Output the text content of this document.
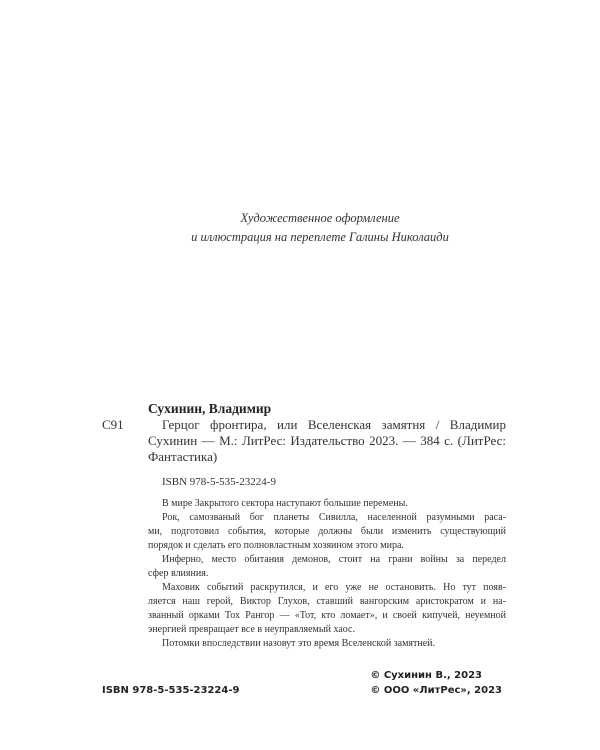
Художественное оформление
и иллюстрация на переплете Галины Николаиди
Сухинин, Владимир
С91	Герцог фронтира, или Вселенская замятня / Владимир
Сухинин — М.: ЛитРес: Издательство 2023. — 384 с. (ЛитРес:
Фантастика)
ISBN 978-5-535-23224-9
В мире Закрытого сектора наступают большие перемены.
Рок, самозваный бог планеты Сивилла, населенной разумными раса-
ми, подготовил события, которые должны были изменить существующий
порядок и сделать его полновластным хозяином этого мира.
Инферно, место обитания демонов, стоит на грани войны за передел
сфер влияния.
Маховик событий раскрутился, и его уже не остановить. Но тут появ-
ляется наш герой, Виктор Глухов, ставший вангорским аристократом и на-
званный орками Тох Рангор — «Тот, кто ломает», и своей кипучей, неуемной
энергией превращает все в неуправляемый хаос.
Потомки впоследствии назовут это время Вселенской замятней.
ISBN 978-5-535-23224-9
© Сухинин В., 2023
© ООО «ЛитРес», 2023
